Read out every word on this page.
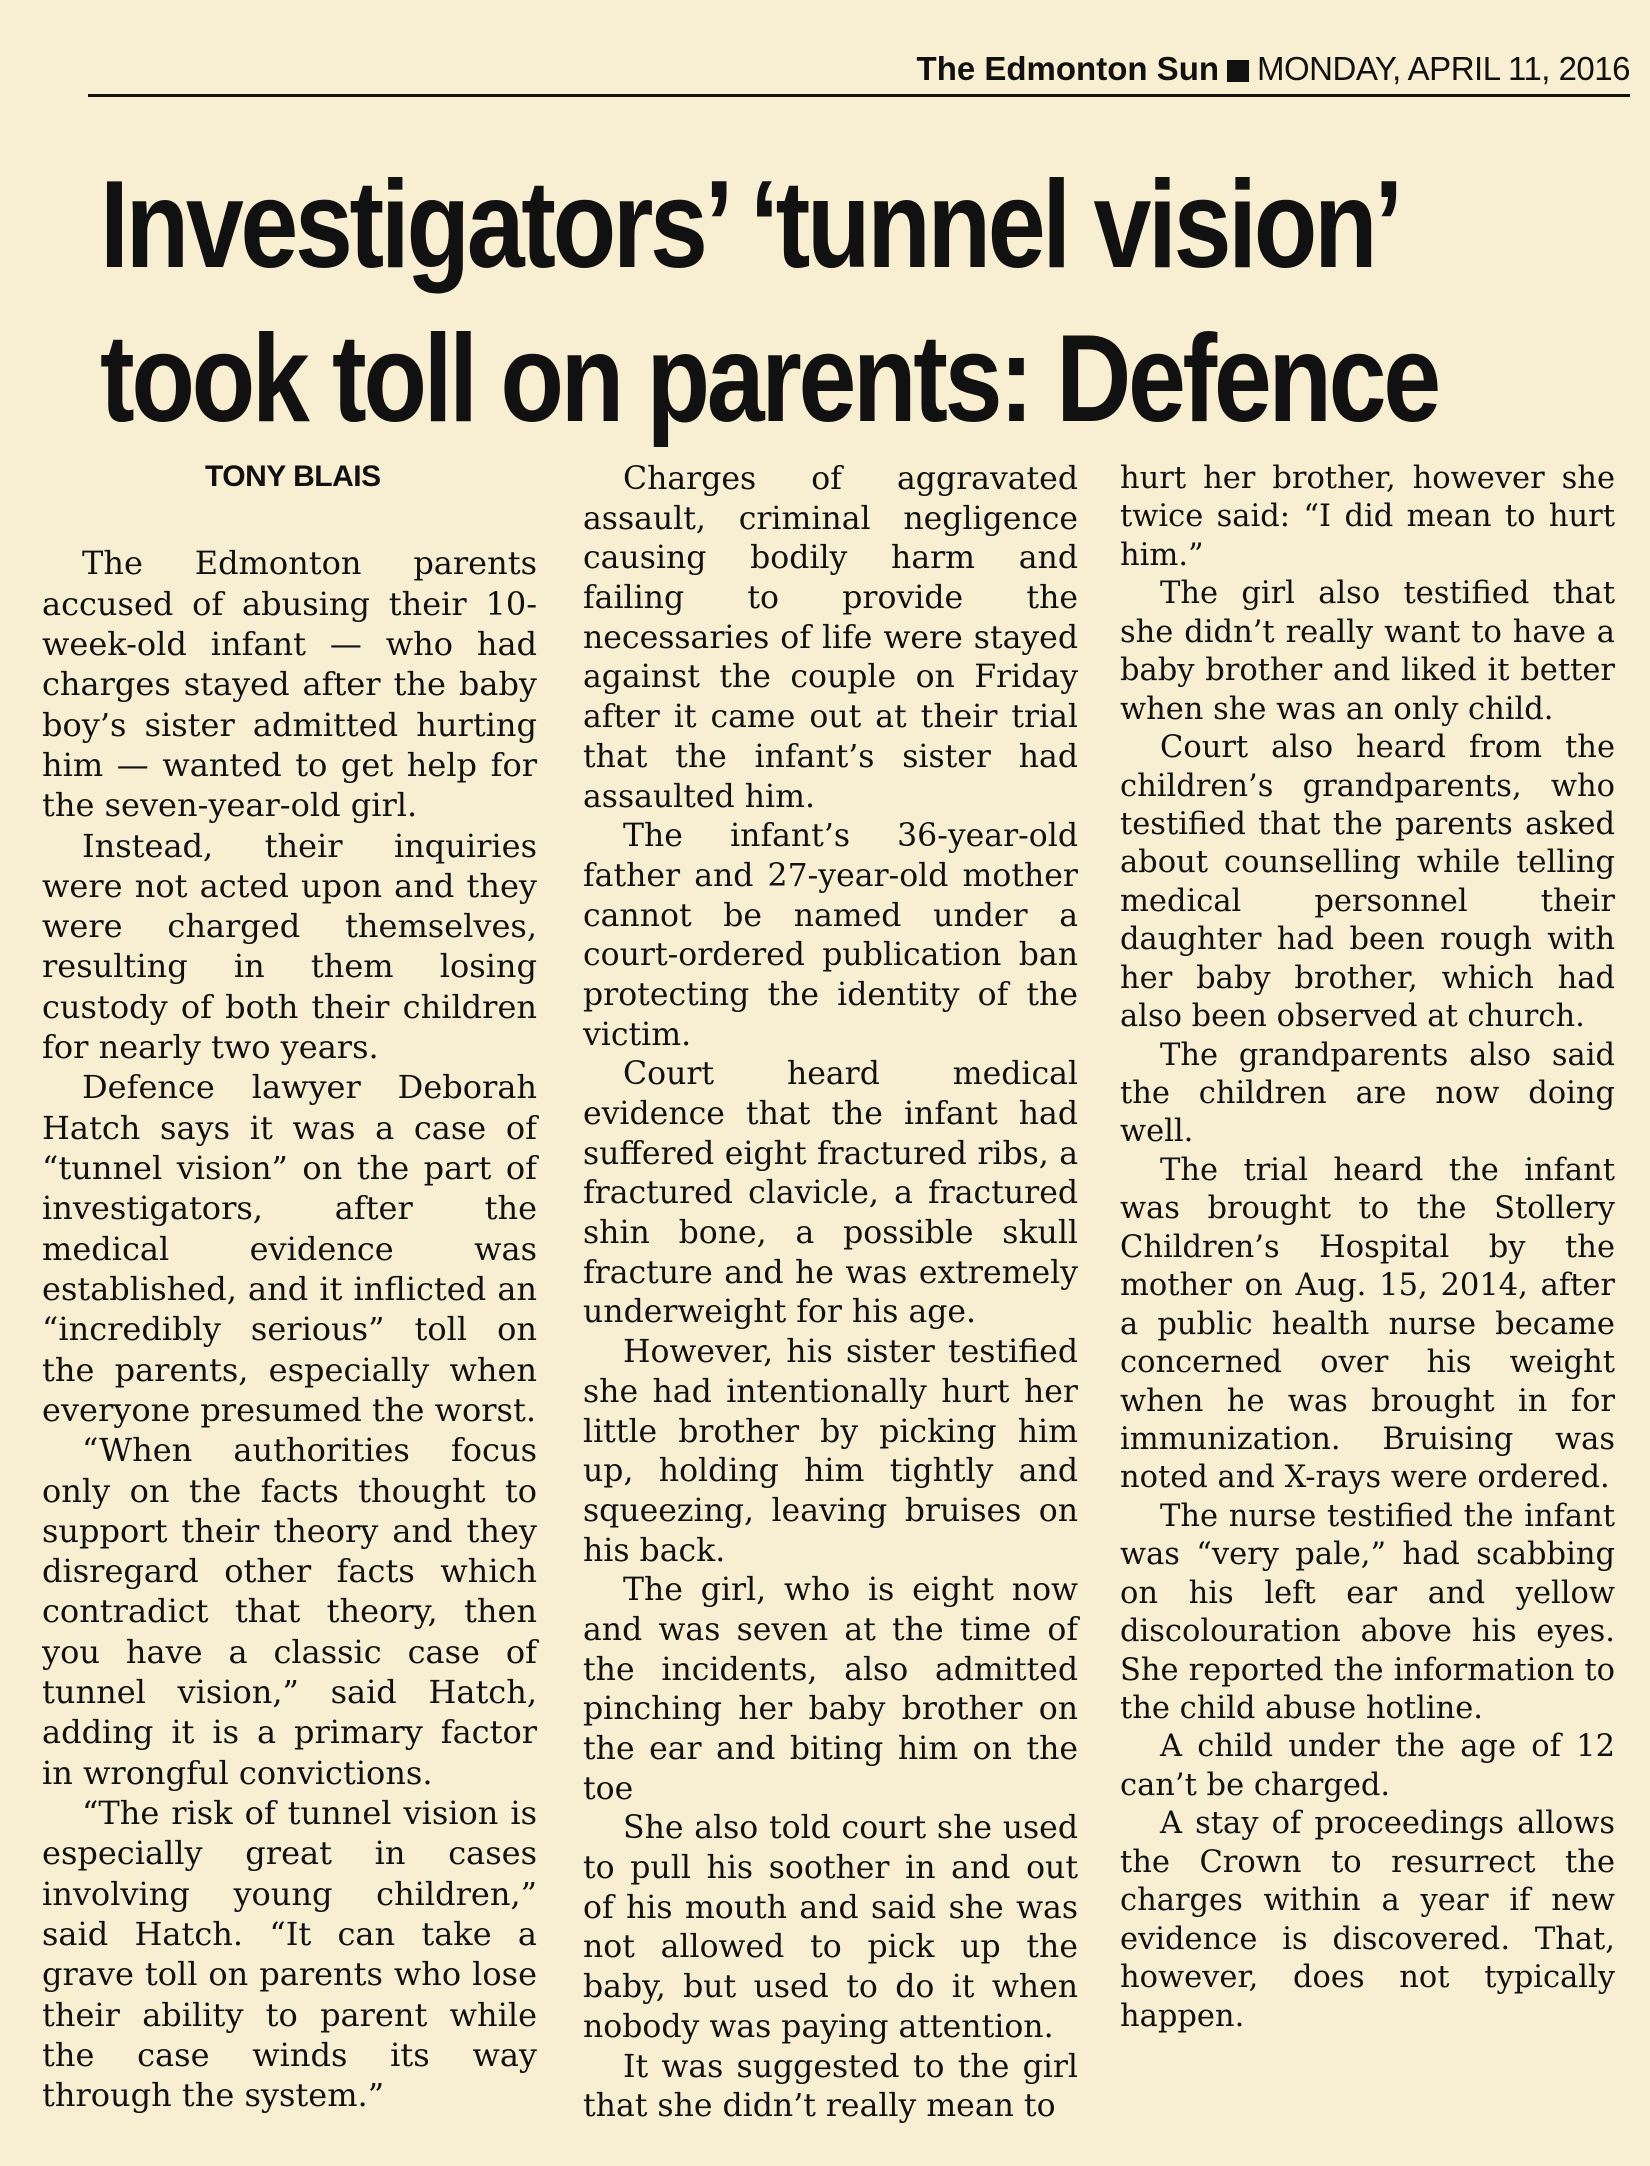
The Edmonton Sun MONDAY, APRIL 11, 2016
Investigators’ ‘tunnel vision’
took toll on parents: Defence
TONY BLAIS

The Edmonton parents accused of abusing their 10-week-old infant — who had charges stayed after the baby boy’s sister admitted hurting him — wanted to get help for the seven-year-old girl.

Instead, their inquiries were not acted upon and they were charged themselves, resulting in them losing custody of both their children for nearly two years.

Defence lawyer Deborah Hatch says it was a case of “tunnel vision” on the part of investigators, after the medical evidence was established, and it inflicted an “incredibly serious” toll on the parents, especially when everyone presumed the worst.

“When authorities focus only on the facts thought to support their theory and they disregard other facts which contradict that theory, then you have a classic case of tunnel vision,” said Hatch, adding it is a primary factor in wrongful convictions.

“The risk of tunnel vision is especially great in cases involving young children,” said Hatch. “It can take a grave toll on parents who lose their ability to parent while the case winds its way through the system.”

Charges of aggravated assault, criminal negligence causing bodily harm and failing to provide the necessaries of life were stayed against the couple on Friday after it came out at their trial that the infant’s sister had assaulted him.

The infant’s 36-year-old father and 27-year-old mother cannot be named under a court-ordered publication ban protecting the identity of the victim.

Court heard medical evidence that the infant had suffered eight fractured ribs, a fractured clavicle, a fractured shin bone, a possible skull fracture and he was extremely underweight for his age.

However, his sister testified she had intentionally hurt her little brother by picking him up, holding him tightly and squeezing, leaving bruises on his back.

The girl, who is eight now and was seven at the time of the incidents, also admitted pinching her baby brother on the ear and biting him on the toe

She also told court she used to pull his soother in and out of his mouth and said she was not allowed to pick up the baby, but used to do it when nobody was paying attention.

It was suggested to the girl that she didn’t really mean to

hurt her brother, however she twice said: “I did mean to hurt him.”

The girl also testified that she didn’t really want to have a baby brother and liked it better when she was an only child.

Court also heard from the children’s grandparents, who testified that the parents asked about counselling while telling medical personnel their daughter had been rough with her baby brother, which had also been observed at church.

The grandparents also said the children are now doing well.

The trial heard the infant was brought to the Stollery Children’s Hospital by the mother on Aug. 15, 2014, after a public health nurse became concerned over his weight when he was brought in for immunization. Bruising was noted and X-rays were ordered.

The nurse testified the infant was “very pale,” had scabbing on his left ear and yellow discolouration above his eyes. She reported the information to the child abuse hotline.

A child under the age of 12 can’t be charged.

A stay of proceedings allows the Crown to resurrect the charges within a year if new evidence is discovered. That, however, does not typically happen.
